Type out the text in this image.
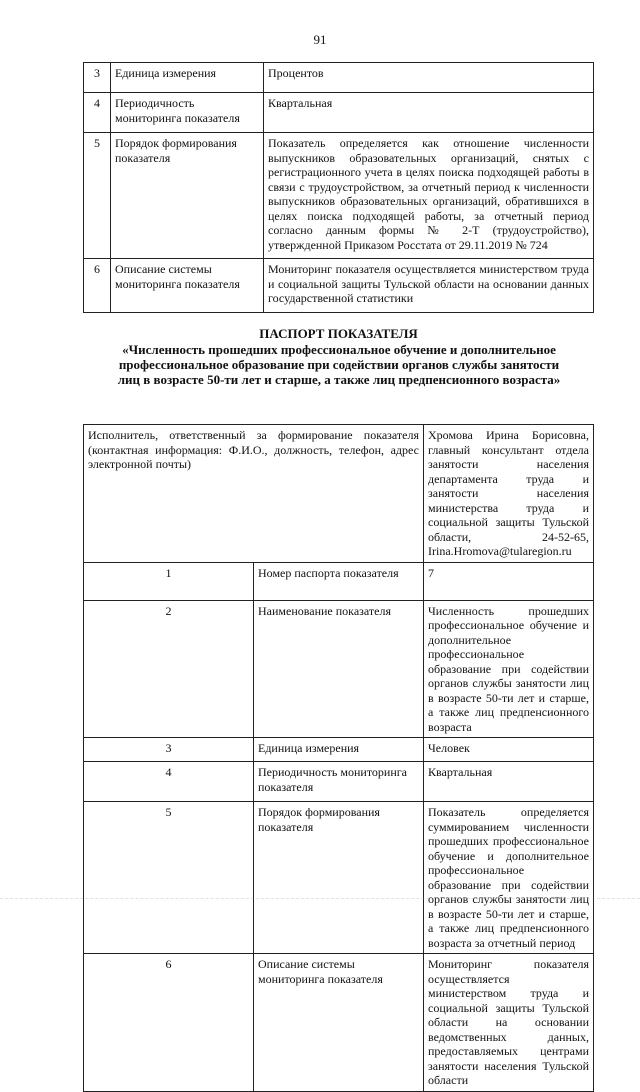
91
3	Единица измерения	Процентов
4	Периодичность мониторинга показателя	Квартальная
5	Порядок формирования показателя	Показатель определяется как отношение численности выпускников образовательных организаций, снятых с регистрационного учета в целях поиска подходящей работы в связи с трудоустройством, за отчетный период к численности выпускников образовательных организаций, обратившихся в целях поиска подходящей работы, за отчетный период согласно данным формы № 2-Т (трудоустройство), утвержденной Приказом Росстата от 29.11.2019 № 724
6	Описание системы мониторинга показателя	Мониторинг показателя осуществляется министерством труда и социальной защиты Тульской области на основании данных государственной статистики
ПАСПОРТ ПОКАЗАТЕЛЯ
«Численность прошедших профессиональное обучение и дополнительное профессиональное образование при содействии органов службы занятости лиц в возрасте 50-ти лет и старше, а также лиц предпенсионного возраста»
Исполнитель, ответственный за формирование показателя (контактная информация: Ф.И.О., должность, телефон, адрес электронной почты)		Хромова Ирина Борисовна, главный консультант отдела занятости населения департамента труда и занятости населения министерства труда и социальной защиты Тульской области, 24-52-65, Irina.Hromova@tularegion.ru
1	Номер паспорта показателя	7
2	Наименование показателя	Численность прошедших профессиональное обучение и дополнительное профессиональное образование при содействии органов службы занятости лиц в возрасте 50-ти лет и старше, а также лиц предпенсионного возраста
3	Единица измерения	Человек
4	Периодичность мониторинга показателя	Квартальная
5	Порядок формирования показателя	Показатель определяется суммированием численности прошедших профессиональное обучение и дополнительное профессиональное образование при содействии органов службы занятости лиц в возрасте 50-ти лет и старше, а также лиц предпенсионного возраста за отчетный период
6	Описание системы мониторинга показателя	Мониторинг показателя осуществляется министерством труда и социальной защиты Тульской области на основании ведомственных данных, предоставляемых центрами занятости населения Тульской области
